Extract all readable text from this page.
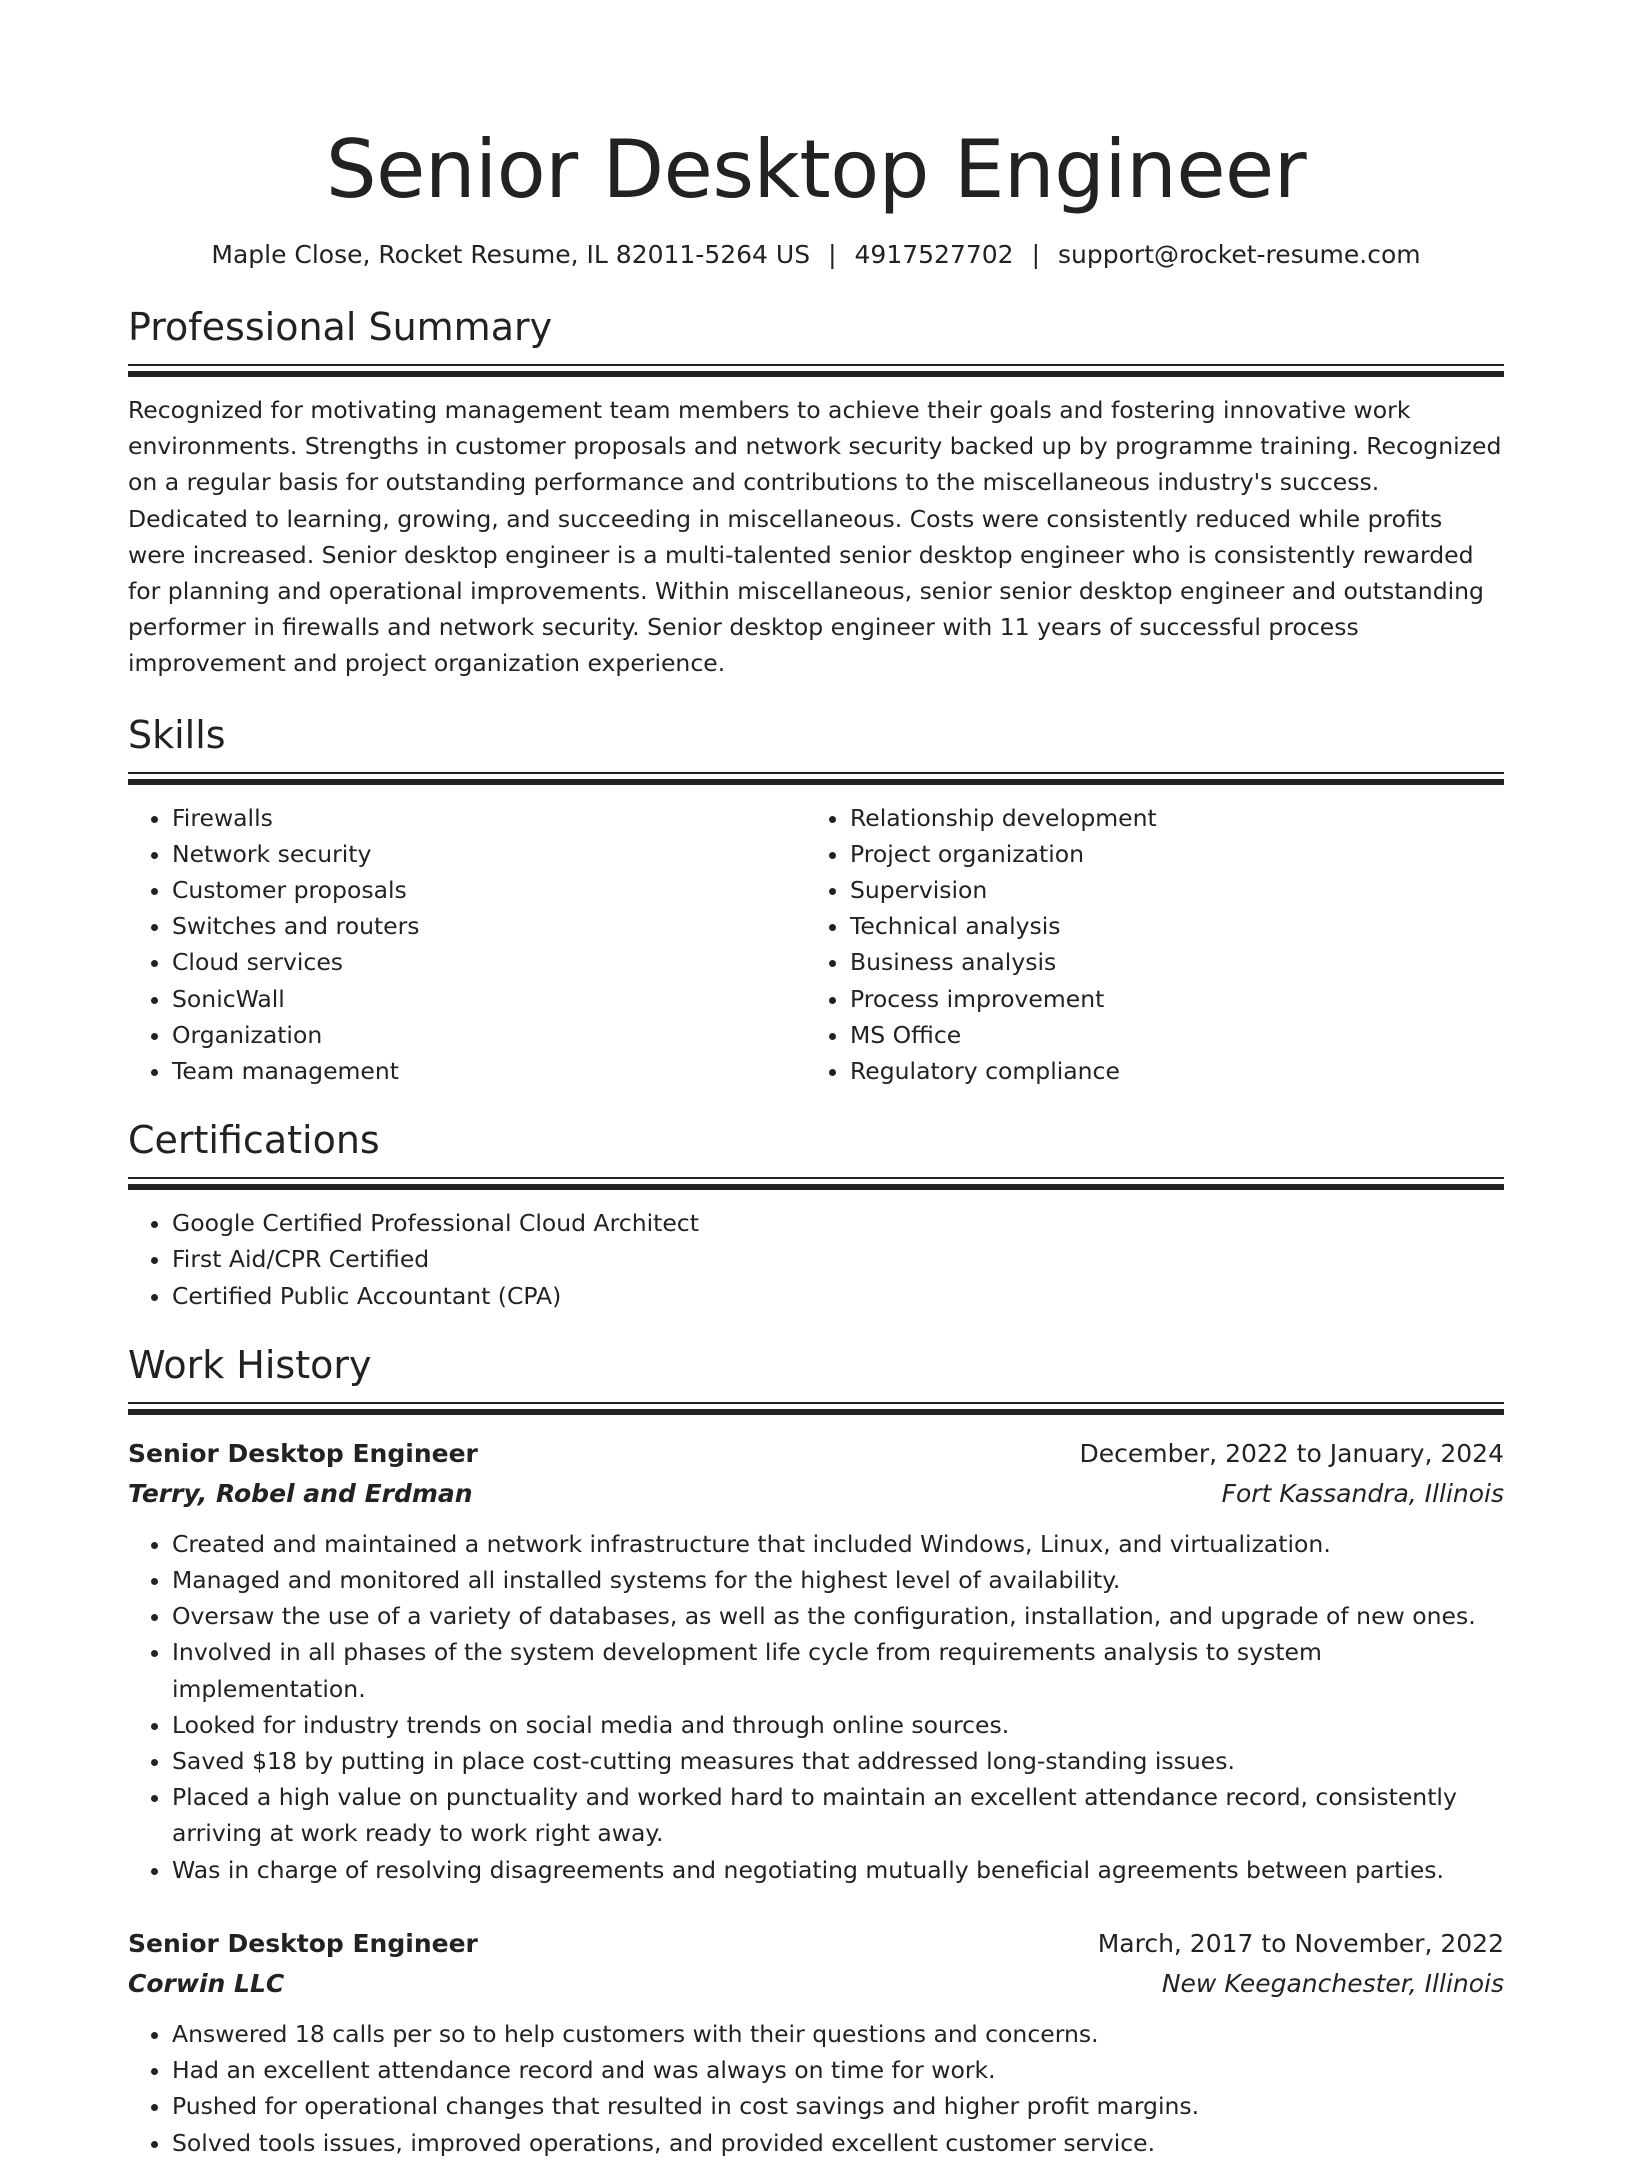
Senior Desktop Engineer
Maple Close, Rocket Resume, IL 82011-5264 US | 4917527702 | support@rocket-resume.com
Professional Summary
Recognized for motivating management team members to achieve their goals and fostering innovative work environments. Strengths in customer proposals and network security backed up by programme training. Recognized on a regular basis for outstanding performance and contributions to the miscellaneous industry's success. Dedicated to learning, growing, and succeeding in miscellaneous. Costs were consistently reduced while profits were increased. Senior desktop engineer is a multi-talented senior desktop engineer who is consistently rewarded for planning and operational improvements. Within miscellaneous, senior senior desktop engineer and outstanding performer in firewalls and network security. Senior desktop engineer with 11 years of successful process improvement and project organization experience.
Skills
• Firewalls
• Network security
• Customer proposals
• Switches and routers
• Cloud services
• SonicWall
• Organization
• Team management
• Relationship development
• Project organization
• Supervision
• Technical analysis
• Business analysis
• Process improvement
• MS Office
• Regulatory compliance
Certifications
• Google Certified Professional Cloud Architect
• First Aid/CPR Certified
• Certified Public Accountant (CPA)
Work History
Senior Desktop Engineer	December, 2022 to January, 2024
Terry, Robel and Erdman	Fort Kassandra, Illinois
• Created and maintained a network infrastructure that included Windows, Linux, and virtualization.
• Managed and monitored all installed systems for the highest level of availability.
• Oversaw the use of a variety of databases, as well as the configuration, installation, and upgrade of new ones.
• Involved in all phases of the system development life cycle from requirements analysis to system implementation.
• Looked for industry trends on social media and through online sources.
• Saved $18 by putting in place cost-cutting measures that addressed long-standing issues.
• Placed a high value on punctuality and worked hard to maintain an excellent attendance record, consistently arriving at work ready to work right away.
• Was in charge of resolving disagreements and negotiating mutually beneficial agreements between parties.
Senior Desktop Engineer	March, 2017 to November, 2022
Corwin LLC	New Keeganchester, Illinois
• Answered 18 calls per so to help customers with their questions and concerns.
• Had an excellent attendance record and was always on time for work.
• Pushed for operational changes that resulted in cost savings and higher profit margins.
• Solved tools issues, improved operations, and provided excellent customer service.
